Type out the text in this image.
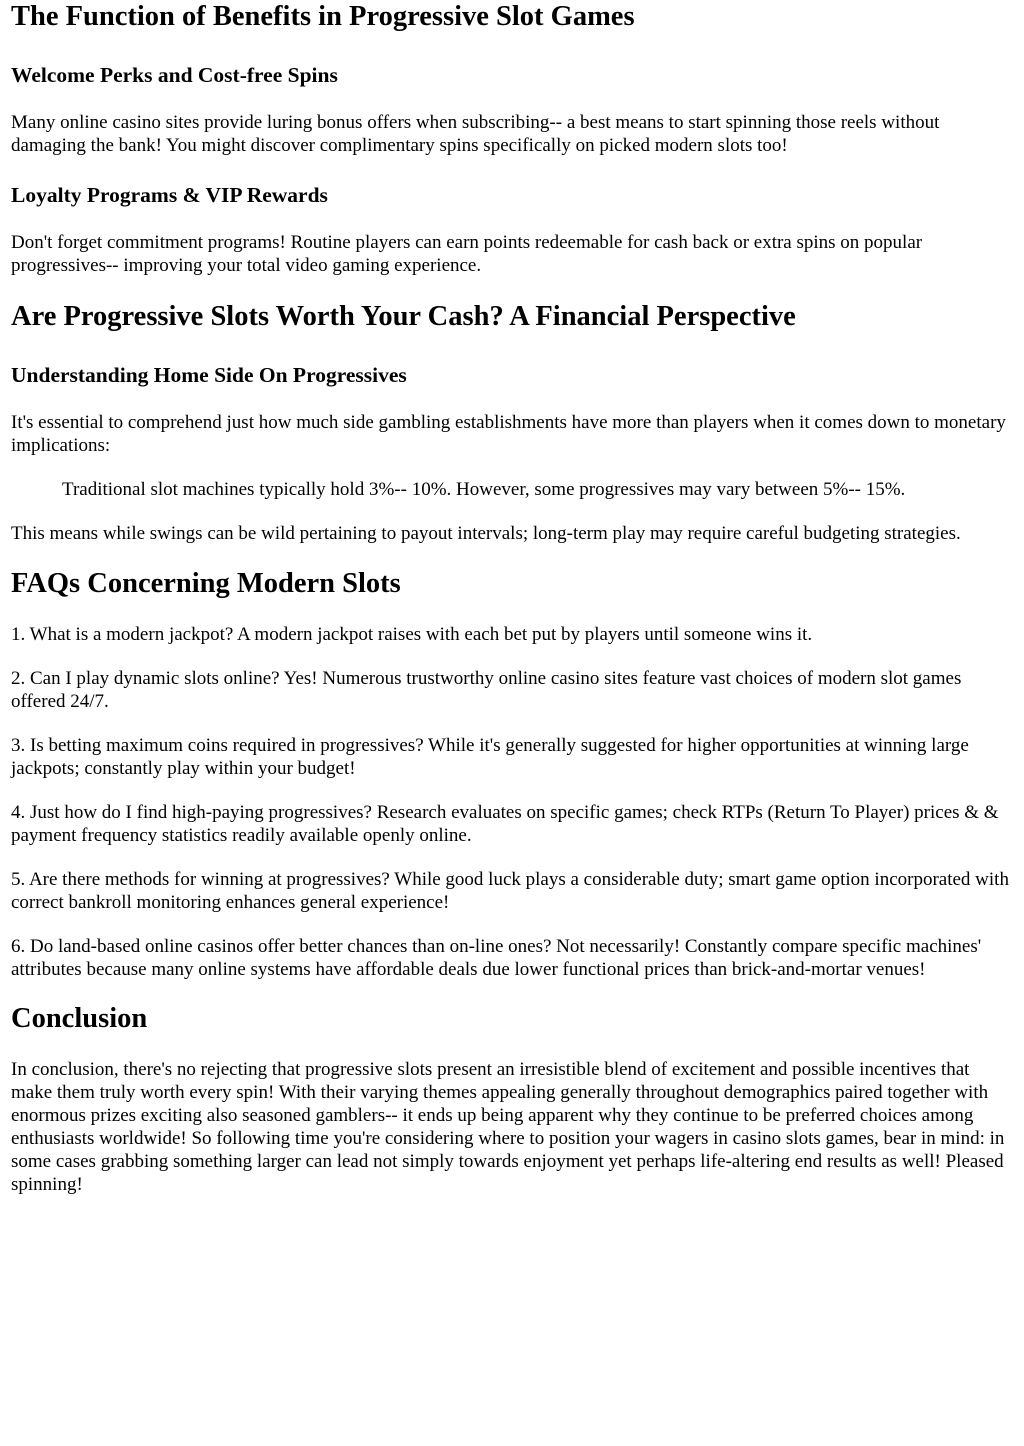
The Function of Benefits in Progressive Slot Games
Welcome Perks and Cost-free Spins

Many online casino sites provide luring bonus offers when subscribing-- a best means to start spinning those reels without damaging the bank! You might discover complimentary spins specifically on picked modern slots too!

Loyalty Programs & VIP Rewards

Don't forget commitment programs! Routine players can earn points redeemable for cash back or extra spins on popular progressives-- improving your total video gaming experience.

Are Progressive Slots Worth Your Cash? A Financial Perspective
Understanding Home Side On Progressives

It's essential to comprehend just how much side gambling establishments have more than players when it comes down to monetary implications:

Traditional slot machines typically hold 3%-- 10%. However, some progressives may vary between 5%-- 15%.

This means while swings can be wild pertaining to payout intervals; long-term play may require careful budgeting strategies.

FAQs Concerning Modern Slots

1. What is a modern jackpot? A modern jackpot raises with each bet put by players until someone wins it.

2. Can I play dynamic slots online? Yes! Numerous trustworthy online casino sites feature vast choices of modern slot games offered 24/7.

3. Is betting maximum coins required in progressives? While it's generally suggested for higher opportunities at winning large jackpots; constantly play within your budget!

4. Just how do I find high-paying progressives? Research evaluates on specific games; check RTPs (Return To Player) prices & & payment frequency statistics readily available openly online.

5. Are there methods for winning at progressives? While good luck plays a considerable duty; smart game option incorporated with correct bankroll monitoring enhances general experience!

6. Do land-based online casinos offer better chances than on-line ones? Not necessarily! Constantly compare specific machines' attributes because many online systems have affordable deals due lower functional prices than brick-and-mortar venues!

Conclusion

In conclusion, there's no rejecting that progressive slots present an irresistible blend of excitement and possible incentives that make them truly worth every spin! With their varying themes appealing generally throughout demographics paired together with enormous prizes exciting also seasoned gamblers-- it ends up being apparent why they continue to be preferred choices among enthusiasts worldwide! So following time you're considering where to position your wagers in casino slots games, bear in mind: in some cases grabbing something larger can lead not simply towards enjoyment yet perhaps life-altering end results as well! Pleased spinning!
